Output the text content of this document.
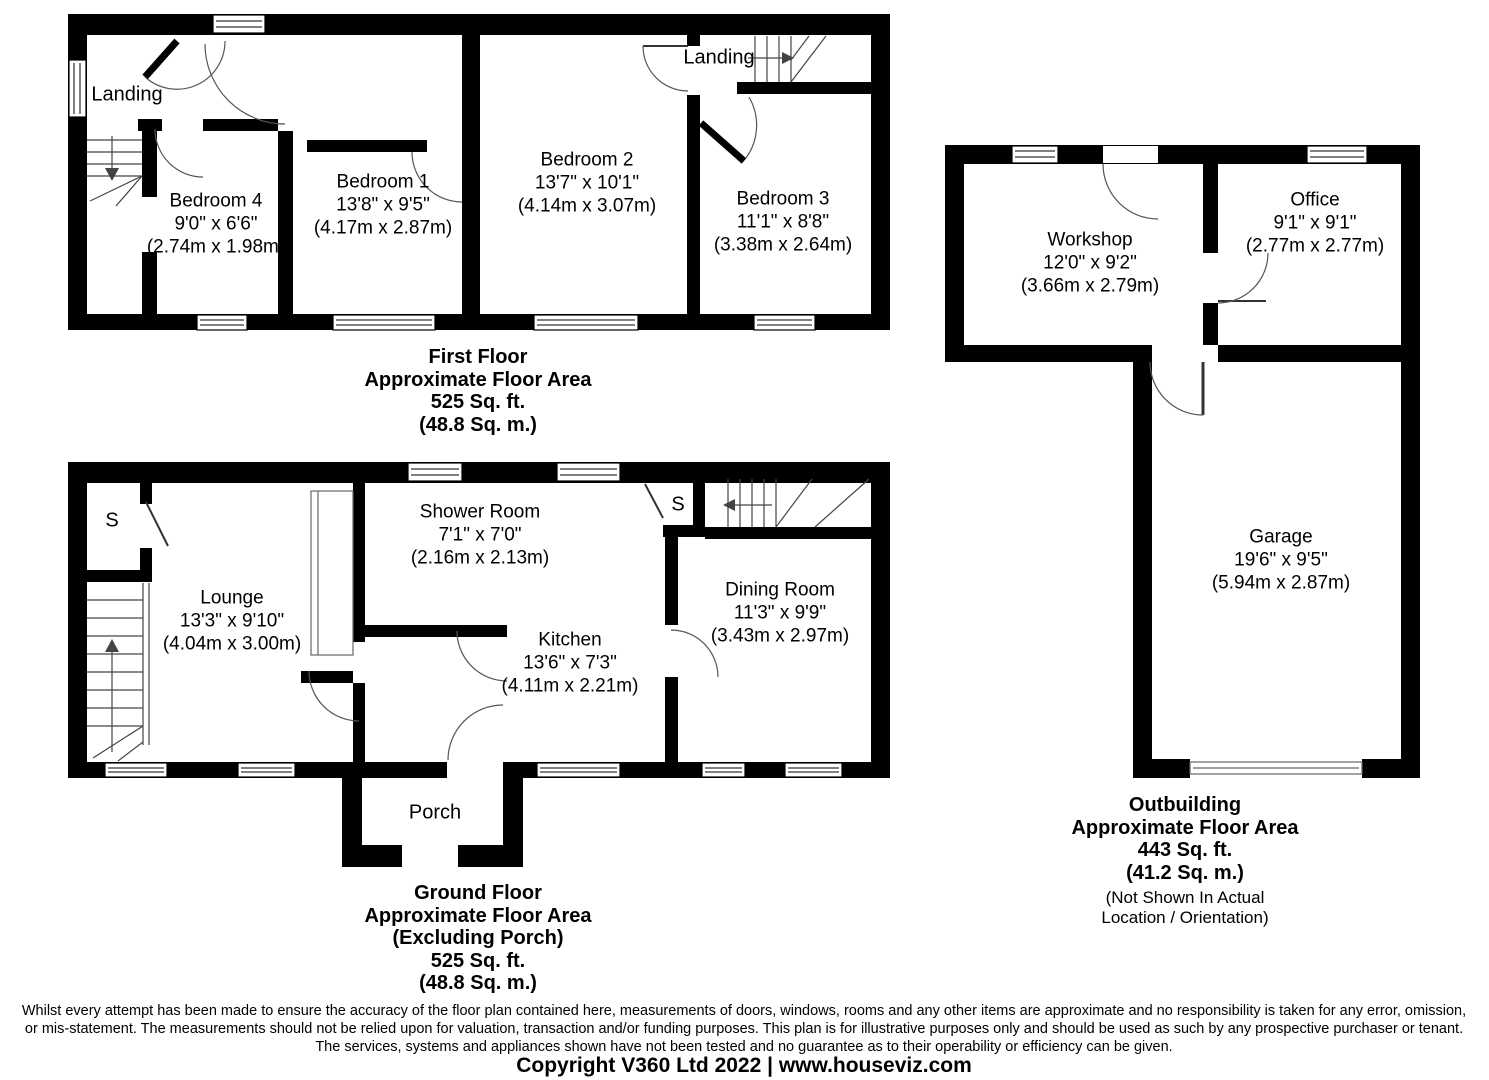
Landing
Landing
Bedroom 4
9'0" x 6'6"
(2.74m x 1.98m)
Bedroom 1
13'8" x 9'5"
(4.17m x 2.87m)
Bedroom 2
13'7" x 10'1"
(4.14m x 3.07m)	Bedroom 3
11'1" x 8'8"
(3.38m x 2.64m)
First Floor
Approximate Floor Area
525 Sq. ft.
(48.8 Sq. m.)
S
S
Porch
Lounge
13'3" x 9'10"
(4.04m x 3.00m)
Shower Room
7'1" x 7'0"
(2.16m x 2.13m)
Kitchen
13'6" x 7'3"
(4.11m x 2.21m)
Dining Room
11'3" x 9'9"
(3.43m x 2.97m)
Ground Floor
Approximate Floor Area
(Excluding Porch)
525 Sq. ft.
(48.8 Sq. m.)
Workshop
12'0" x 9'2"
(3.66m x 2.79m)
Office
9'1" x 9'1"
(2.77m x 2.77m)
Garage
19'6" x 9'5"
(5.94m x 2.87m)
Outbuilding
Approximate Floor Area
443 Sq. ft.
(41.2 Sq. m.)
(Not Shown In Actual
Location / Orientation)
Whilst every attempt has been made to ensure the accuracy of the floor plan contained here, measurements of doors, windows, rooms and any other items are approximate and no responsibility is taken for any error, omission,
or mis-statement. The measurements should not be relied upon for valuation, transaction and/or funding purposes. This plan is for illustrative purposes only and should be used as such by any prospective purchaser or tenant.
The services, systems and appliances shown have not been tested and no guarantee as to their operability or efficiency can be given.
Copyright V360 Ltd 2022 | www.houseviz.com
